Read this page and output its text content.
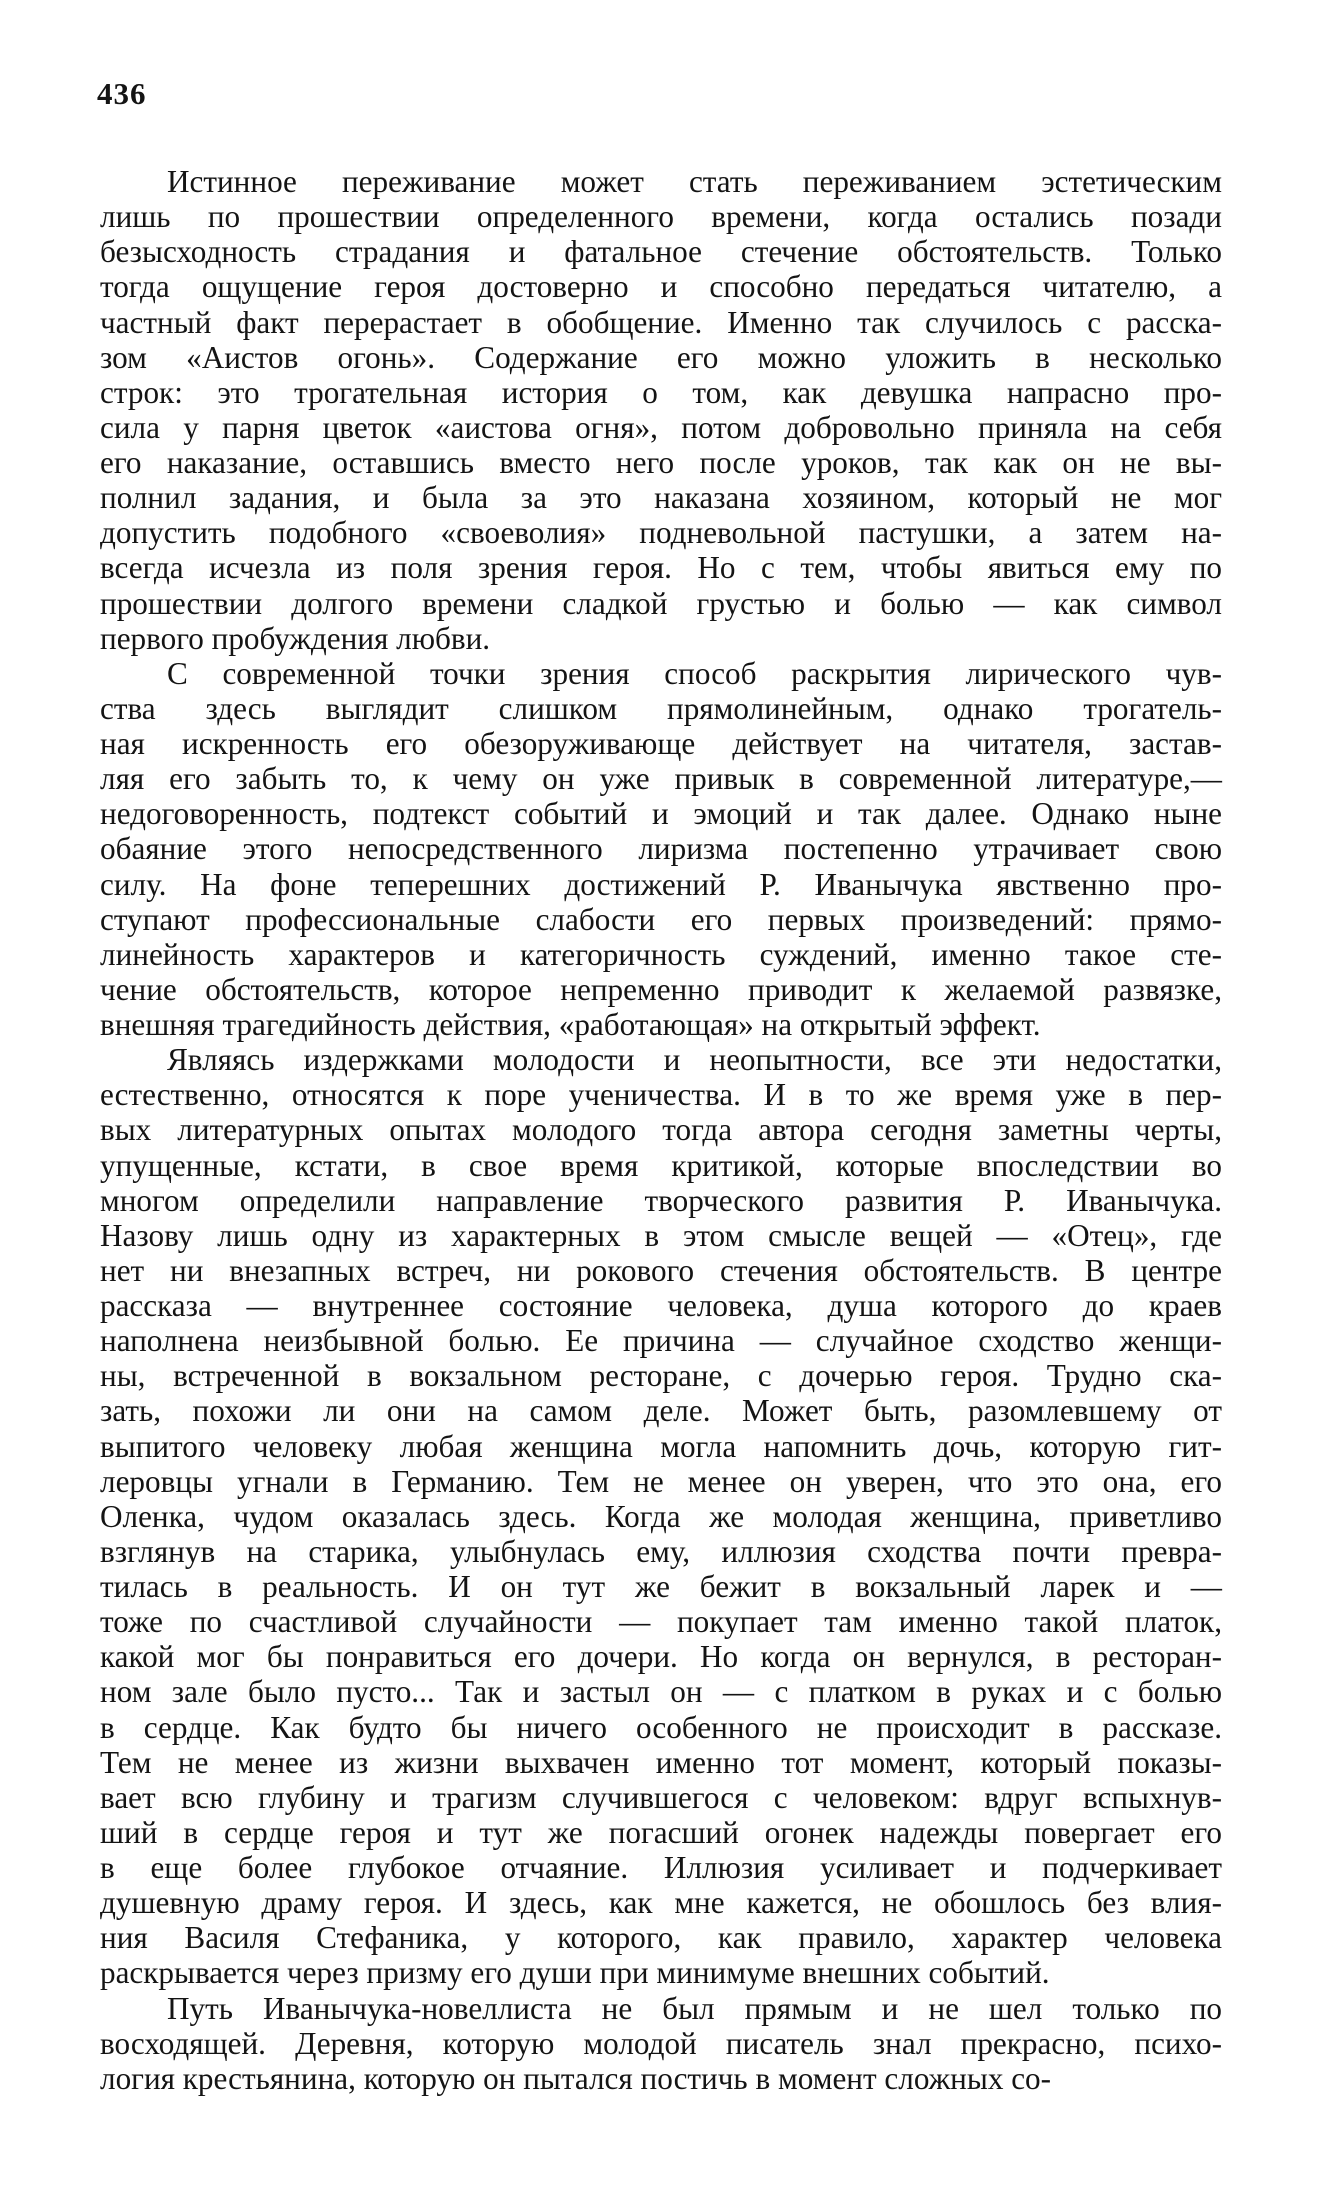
436

Истинное переживание может стать переживанием эстетическим
лишь по прошествии определенного времени, когда остались позади
безысходность страдания и фатальное стечение обстоятельств. Только
тогда ощущение героя достоверно и способно передаться читателю, а
частный факт перерастает в обобщение. Именно так случилось с расска-
зом «Аистов огонь». Содержание его можно уложить в несколько
строк: это трогательная история о том, как девушка напрасно про-
сила у парня цветок «аистова огня», потом добровольно приняла на себя
его наказание, оставшись вместо него после уроков, так как он не вы-
полнил задания, и была за это наказана хозяином, который не мог
допустить подобного «своеволия» подневольной пастушки, а затем на-
всегда исчезла из поля зрения героя. Но с тем, чтобы явиться ему по
прошествии долгого времени сладкой грустью и болью — как символ
первого пробуждения любви.

С современной точки зрения способ раскрытия лирического чув-
ства здесь выглядит слишком прямолинейным, однако трогатель-
ная искренность его обезоруживающе действует на читателя, застав-
ляя его забыть то, к чему он уже привык в современной литературе,—
недоговоренность, подтекст событий и эмоций и так далее. Однако ныне
обаяние этого непосредственного лиризма постепенно утрачивает свою
силу. На фоне теперешних достижений Р. Иванычука явственно про-
ступают профессиональные слабости его первых произведений: прямо-
линейность характеров и категоричность суждений, именно такое сте-
чение обстоятельств, которое непременно приводит к желаемой развязке,
внешняя трагедийность действия, «работающая» на открытый эффект.

Являясь издержками молодости и неопытности, все эти недостатки,
естественно, относятся к поре ученичества. И в то же время уже в пер-
вых литературных опытах молодого тогда автора сегодня заметны черты,
упущенные, кстати, в свое время критикой, которые впоследствии во
многом определили направление творческого развития Р. Иванычука.
Назову лишь одну из характерных в этом смысле вещей — «Отец», где
нет ни внезапных встреч, ни рокового стечения обстоятельств. В центре
рассказа — внутреннее состояние человека, душа которого до краев
наполнена неизбывной болью. Ее причина — случайное сходство женщи-
ны, встреченной в вокзальном ресторане, с дочерью героя. Трудно ска-
зать, похожи ли они на самом деле. Может быть, разомлевшему от
выпитого человеку любая женщина могла напомнить дочь, которую гит-
леровцы угнали в Германию. Тем не менее он уверен, что это она, его
Оленка, чудом оказалась здесь. Когда же молодая женщина, приветливо
взглянув на старика, улыбнулась ему, иллюзия сходства почти превра-
тилась в реальность. И он тут же бежит в вокзальный ларек и —
тоже по счастливой случайности — покупает там именно такой платок,
какой мог бы понравиться его дочери. Но когда он вернулся, в ресторан-
ном зале было пусто... Так и застыл он — с платком в руках и с болью
в сердце. Как будто бы ничего особенного не происходит в рассказе.
Тем не менее из жизни выхвачен именно тот момент, который показы-
вает всю глубину и трагизм случившегося с человеком: вдруг вспыхнув-
ший в сердце героя и тут же погасший огонек надежды повергает его
в еще более глубокое отчаяние. Иллюзия усиливает и подчеркивает
душевную драму героя. И здесь, как мне кажется, не обошлось без влия-
ния Василя Стефаника, у которого, как правило, характер человека
раскрывается через призму его души при минимуме внешних событий.

Путь Иванычука-новеллиста не был прямым и не шел только по
восходящей. Деревня, которую молодой писатель знал прекрасно, психо-
логия крестьянина, которую он пытался постичь в момент сложных со-
